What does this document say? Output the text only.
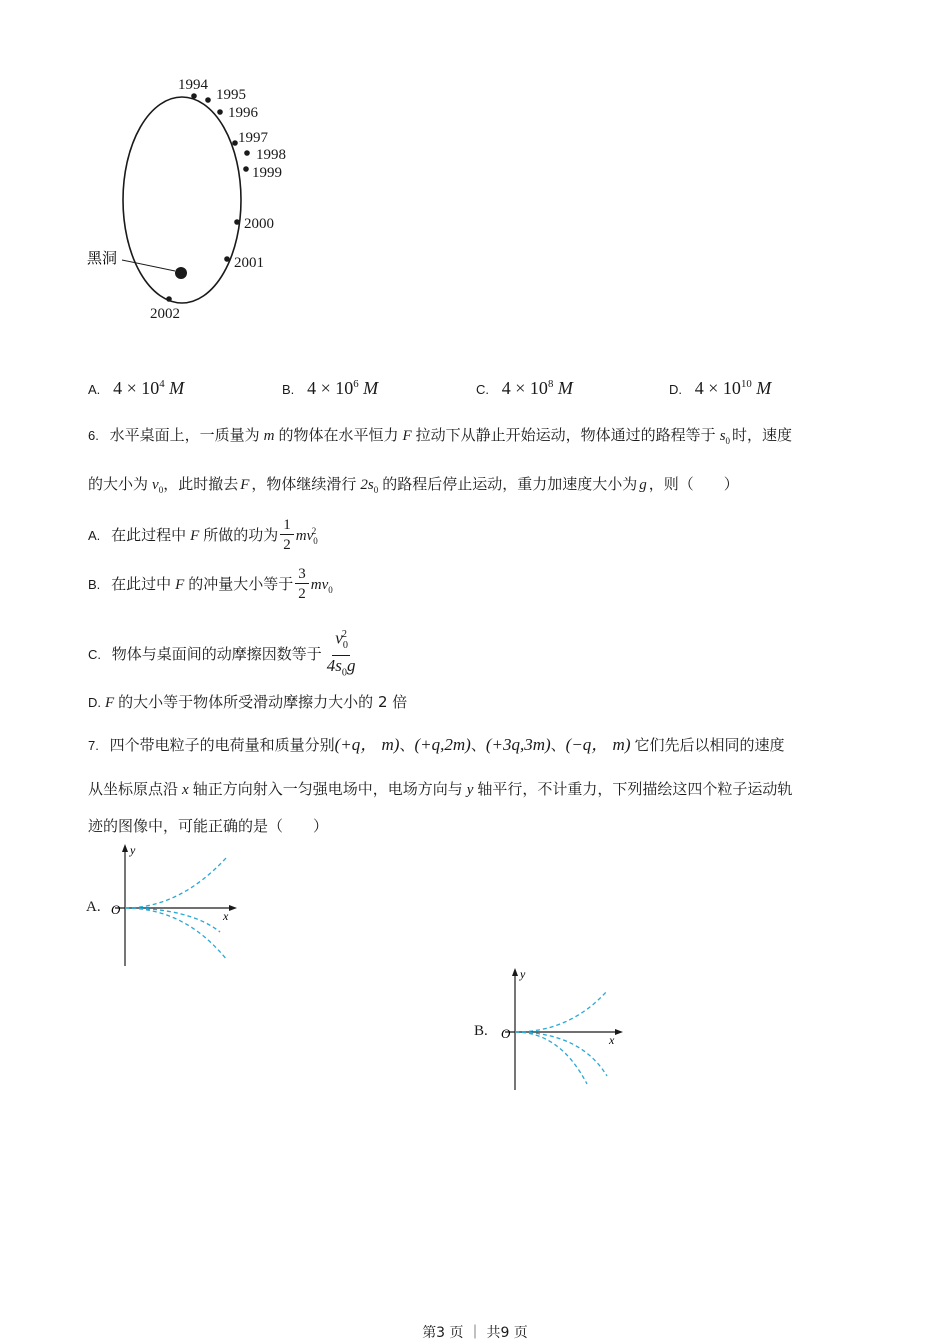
1994
1995
1996
1997
1998
1999
2000
2001
2002
黑洞
A. $4 \times 10^4$ M	B. $4 \times 10^6$ M	C. $4 \times 10^8$ M	D. $4 \times 10^{10}$ M
6. 水平桌面上，一质量为 m 的物体在水平恒力 F 拉动下从静止开始运动，物体通过的路程等于 $s_0$ 时，速度
的大小为 $v_0$，此时撤去 F ，物体继续滑行 $2s_0$ 的路程后停止运动，重力加速度大小为 g ，则（　　）
A. 在此过程中 F 所做的功为 $\frac{1}{2} mv_0^2$
B. 在此过中 F 的冲量大小等于 $\frac{3}{2} mv_0$
C. 物体与桌面间的动摩擦因数等于 $\frac{v_0^2}{4s_0g}$
D. F 的大小等于物体所受滑动摩擦力大小的 2 倍
7. 四个带电粒子的电荷量和质量分别(+q， m)、(+q,2m)、(+3q,3m)、(−q， m) 它们先后以相同的速度
从坐标原点沿 x 轴正方向射入一匀强电场中，电场方向与 y 轴平行，不计重力，下列描绘这四个粒子运动轨
迹的图像中，可能正确的是（　　）
A.
y
x
O
B.
y
x
O
第3 页 ｜ 共9 页
